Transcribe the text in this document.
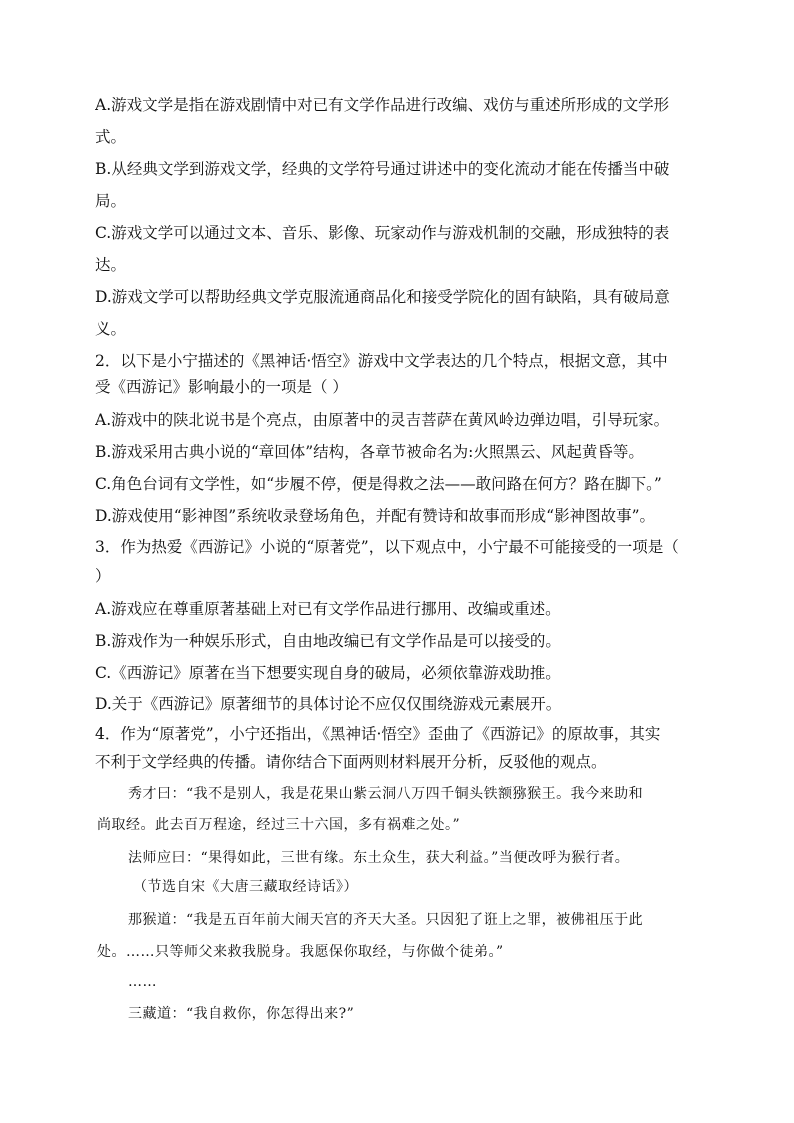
A.游戏文学是指在游戏剧情中对已有文学作品进行改编、戏仿与重述所形成的文学形
式。
B.从经典文学到游戏文学，经典的文学符号通过讲述中的变化流动才能在传播当中破
局。
C.游戏文学可以通过文本、音乐、影像、玩家动作与游戏机制的交融，形成独特的表
达。
D.游戏文学可以帮助经典文学克服流通商品化和接受学院化的固有缺陷，具有破局意
义。
2．以下是小宁描述的《黑神话·悟空》游戏中文学表达的几个特点，根据文意，其中
受《西游记》影响最小的一项是（ ）
A.游戏中的陕北说书是个亮点，由原著中的灵吉菩萨在黄风岭边弹边唱，引导玩家。
B.游戏采用古典小说的“章回体”结构，各章节被命名为:火照黑云、风起黄昏等。
C.角色台词有文学性，如“步履不停，便是得救之法——敢问路在何方？路在脚下。”
D.游戏使用“影神图”系统收录登场角色，并配有赞诗和故事而形成“影神图故事”。
3．作为热爱《西游记》小说的“原著党”，以下观点中，小宁最不可能接受的一项是（
）
A.游戏应在尊重原著基础上对已有文学作品进行挪用、改编或重述。
B.游戏作为一种娱乐形式，自由地改编已有文学作品是可以接受的。
C.《西游记》原著在当下想要实现自身的破局，必须依靠游戏助推。
D.关于《西游记》原著细节的具体讨论不应仅仅围绕游戏元素展开。
4．作为“原著党”，小宁还指出，《黑神话·悟空》歪曲了《西游记》的原故事，其实
不利于文学经典的传播。请你结合下面两则材料展开分析，反驳他的观点。
秀才曰：“我不是别人，我是花果山紫云洞八万四千铜头铁额猕猴王。我今来助和
尚取经。此去百万程途，经过三十六国，多有祸难之处。”
法师应曰：“果得如此，三世有缘。东土众生，获大利益。”当便改呼为猴行者。
（节选自宋《大唐三藏取经诗话》）
那猴道：“我是五百年前大闹天宫的齐天大圣。只因犯了诳上之罪，被佛祖压于此
处。……只等师父来救我脱身。我愿保你取经，与你做个徒弟。”
……
三藏道：“我自救你，你怎得出来?”
